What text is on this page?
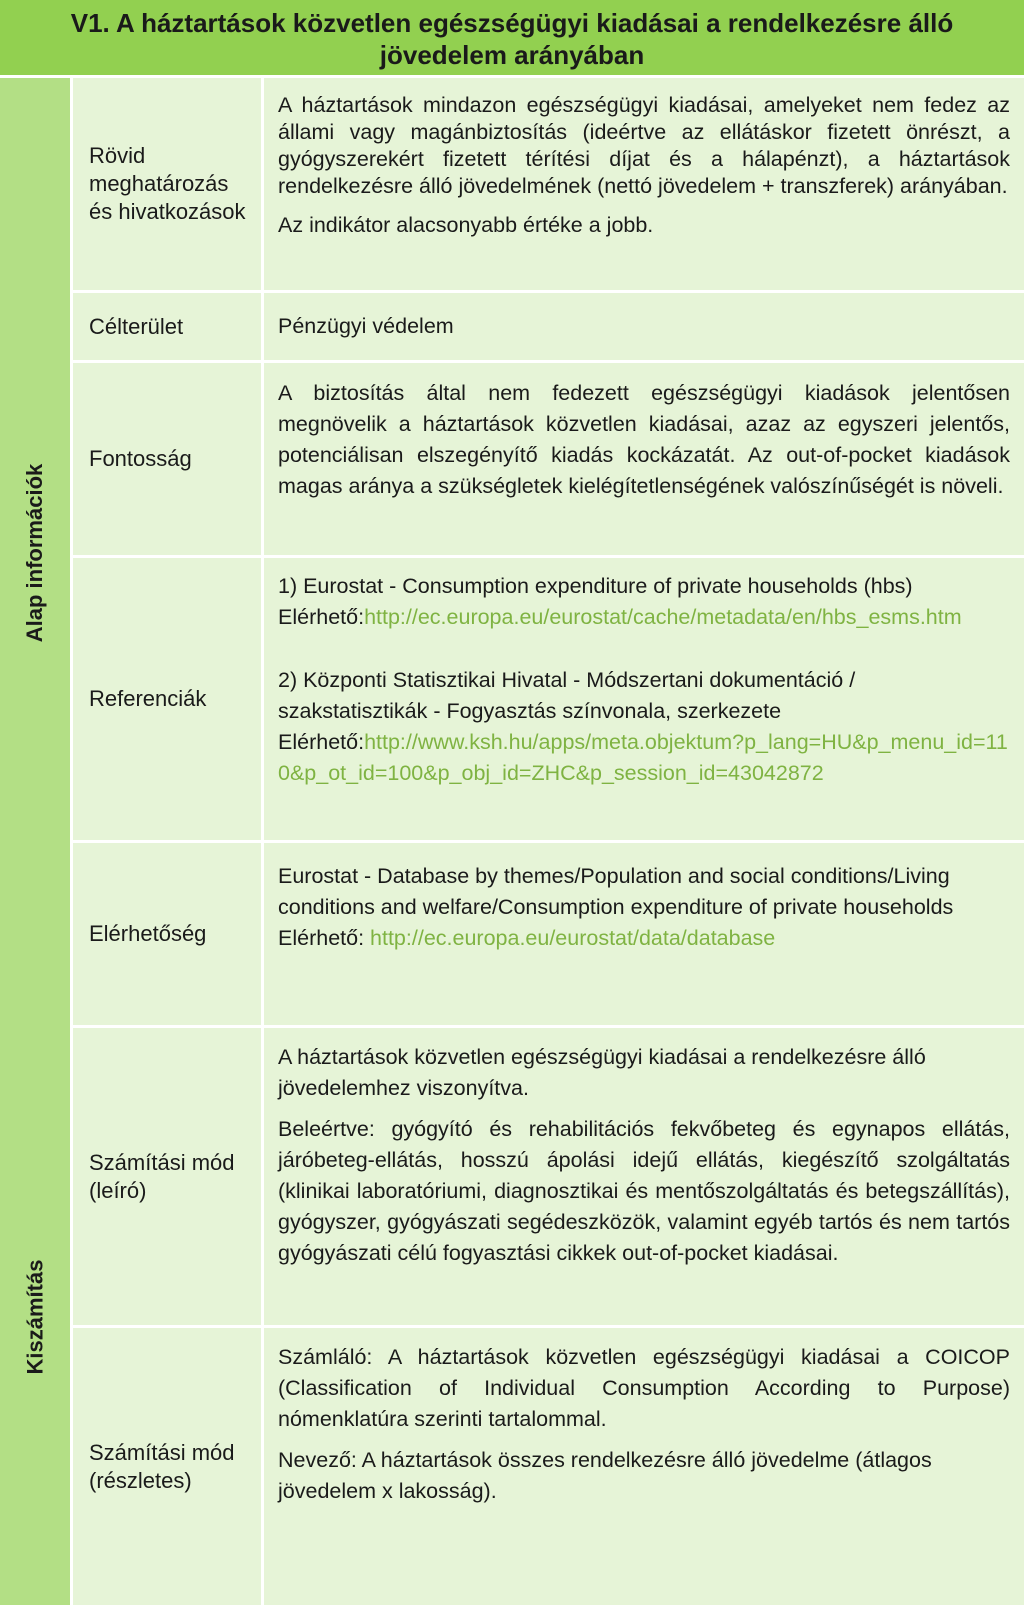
V1. A háztartások közvetlen egészségügyi kiadásai a rendelkezésre álló jövedelem arányában
Alap információk
Rövid meghatározás és hivatkozások

A háztartások mindazon egészségügyi kiadásai, amelyeket nem fedez az állami vagy magánbiztosítás (ideértve az ellátáskor fizetett önrészt, a gyógyszerekért fizetett térítési díjat és a hálapénzt), a háztartások rendelkezésre álló jövedelmének (nettó jövedelem + transzferek) arányában.

Az indikátor alacsonyabb értéke a jobb.

Célterület	Pénzügyi védelem
Fontosság

A biztosítás által nem fedezett egészségügyi kiadások jelentősen megnövelik a háztartások közvetlen kiadásai, azaz az egyszeri jelentős, potenciálisan elszegényítő kiadás kockázatát. Az out-of-pocket kiadások magas aránya a szükségletek kielégítetlenségének valószínűségét is növeli.

Referenciák
1) Eurostat - Consumption expenditure of private households (hbs)
Elérhető:http://ec.europa.eu/eurostat/cache/metadata/en/hbs_esms.htm
2) Központi Statisztikai Hivatal - Módszertani dokumentáció /
szakstatisztikák - Fogyasztás színvonala, szerkezete
Elérhető:http://www.ksh.hu/apps/meta.objektum?p_lang=HU&p_menu_id=110&p_ot_id=100&p_obj_id=ZHC&p_session_id=43042872
Elérhetőség
Eurostat - Database by themes/Population and social conditions/Living conditions and welfare/Consumption expenditure of private households
Elérhető: http://ec.europa.eu/eurostat/data/database
Kiszámítás
Számítási mód (leíró)

A háztartások közvetlen egészségügyi kiadásai a rendelkezésre álló jövedelemhez viszonyítva.

Beleértve: gyógyító és rehabilitációs fekvőbeteg és egynapos ellátás, járóbeteg-ellátás, hosszú ápolási idejű ellátás, kiegészítő szolgáltatás (klinikai laboratóriumi, diagnosztikai és mentőszolgáltatás és betegszállítás), gyógyszer, gyógyászati segédeszközök, valamint egyéb tartós és nem tartós gyógyászati célú fogyasztási cikkek out-of-pocket kiadásai.

Számítási mód (részletes)

Számláló: A háztartások közvetlen egészségügyi kiadásai a COICOP (Classification of Individual Consumption According to Purpose) nómenklatúra szerinti tartalommal.

Nevező: A háztartások összes rendelkezésre álló jövedelme (átlagos jövedelem x lakosság).
